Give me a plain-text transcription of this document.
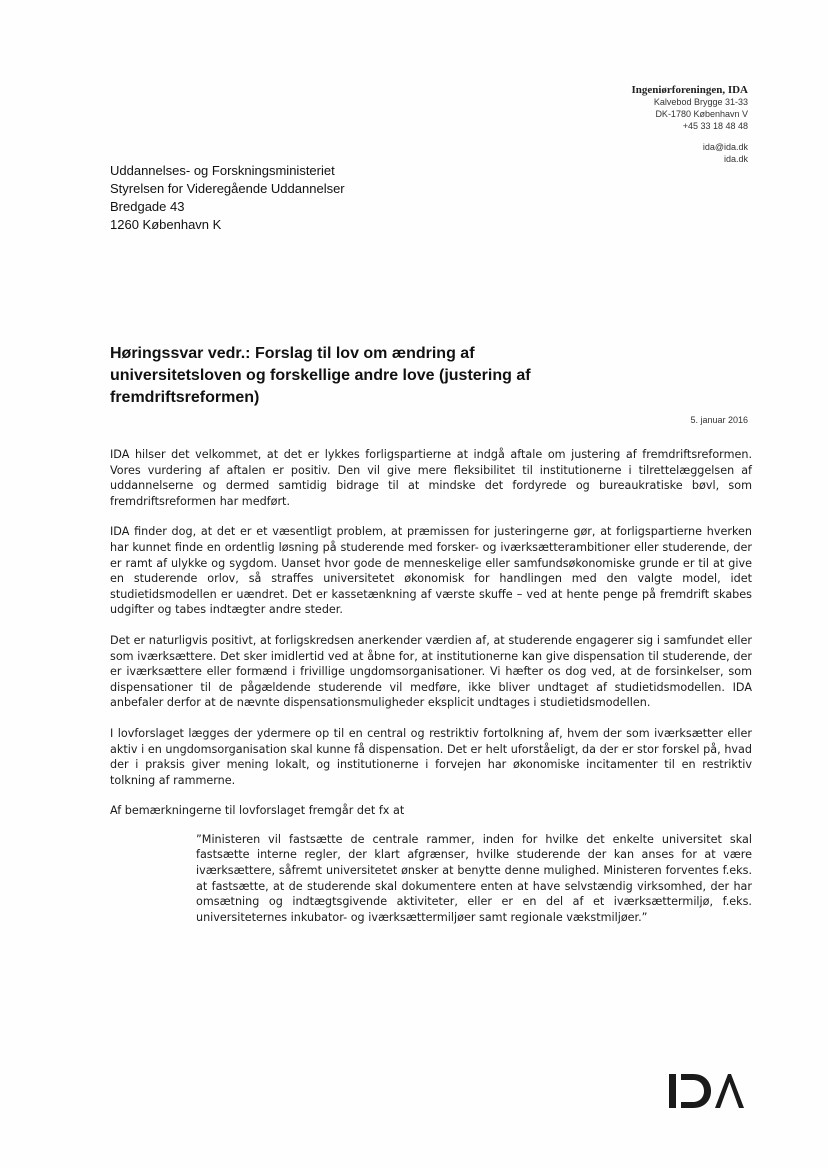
Ingeniørforeningen, IDA
Kalvebod Brygge 31-33
DK-1780 København V
+45 33 18 48 48
ida@ida.dk
ida.dk
Uddannelses- og Forskningsministeriet
Styrelsen for Videregående Uddannelser
Bredgade 43
1260 København K
Høringssvar vedr.: Forslag til lov om ændring af universitetsloven og forskellige andre love (justering af fremdriftsreformen)
5. januar 2016

IDA hilser det velkommet, at det er lykkes forligspartierne at indgå aftale om justering af fremdriftsreformen. Vores vurdering af aftalen er positiv. Den vil give mere fleksibilitet til institutionerne i tilrettelæggelsen af uddannelserne og dermed samtidig bidrage til at mindske det fordyrede og bureaukratiske bøvl, som fremdriftsreformen har medført.

IDA finder dog, at det er et væsentligt problem, at præmissen for justeringerne gør, at forligspartierne hverken har kunnet finde en ordentlig løsning på studerende med forsker- og iværksætterambitioner eller studerende, der er ramt af ulykke og sygdom. Uanset hvor gode de menneskelige eller samfundsøkonomiske grunde er til at give en studerende orlov, så straffes universitetet økonomisk for handlingen med den valgte model, idet studietidsmodellen er uændret. Det er kassetænkning af værste skuffe – ved at hente penge på fremdrift skabes udgifter og tabes indtægter andre steder.

Det er naturligvis positivt, at forligskredsen anerkender værdien af, at studerende engagerer sig i samfundet eller som iværksættere. Det sker imidlertid ved at åbne for, at institutionerne kan give dispensation til studerende, der er iværksættere eller formænd i frivillige ungdomsorganisationer. Vi hæfter os dog ved, at de forsinkelser, som dispensationer til de pågældende studerende vil medføre, ikke bliver undtaget af studietidsmodellen. IDA anbefaler derfor at de nævnte dispensationsmuligheder eksplicit undtages i studietidsmodellen.

I lovforslaget lægges der ydermere op til en central og restriktiv fortolkning af, hvem der som iværksætter eller aktiv i en ungdomsorganisation skal kunne få dispensation. Det er helt uforståeligt, da der er stor forskel på, hvad der i praksis giver mening lokalt, og institutionerne i forvejen har økonomiske incitamenter til en restriktiv tolkning af rammerne.

Af bemærkningerne til lovforslaget fremgår det fx at

”Ministeren vil fastsætte de centrale rammer, inden for hvilke det enkelte universitet skal fastsætte interne regler, der klart afgrænser, hvilke studerende der kan anses for at være iværksættere, såfremt universitetet ønsker at benytte denne mulighed. Ministeren forventes f.eks. at fastsætte, at de studerende skal dokumentere enten at have selvstændig virksomhed, der har omsætning og indtægtsgivende aktiviteter, eller er en del af et iværksættermiljø, f.eks. universiteternes inkubator- og iværksættermiljøer samt regionale vækstmiljøer.”
